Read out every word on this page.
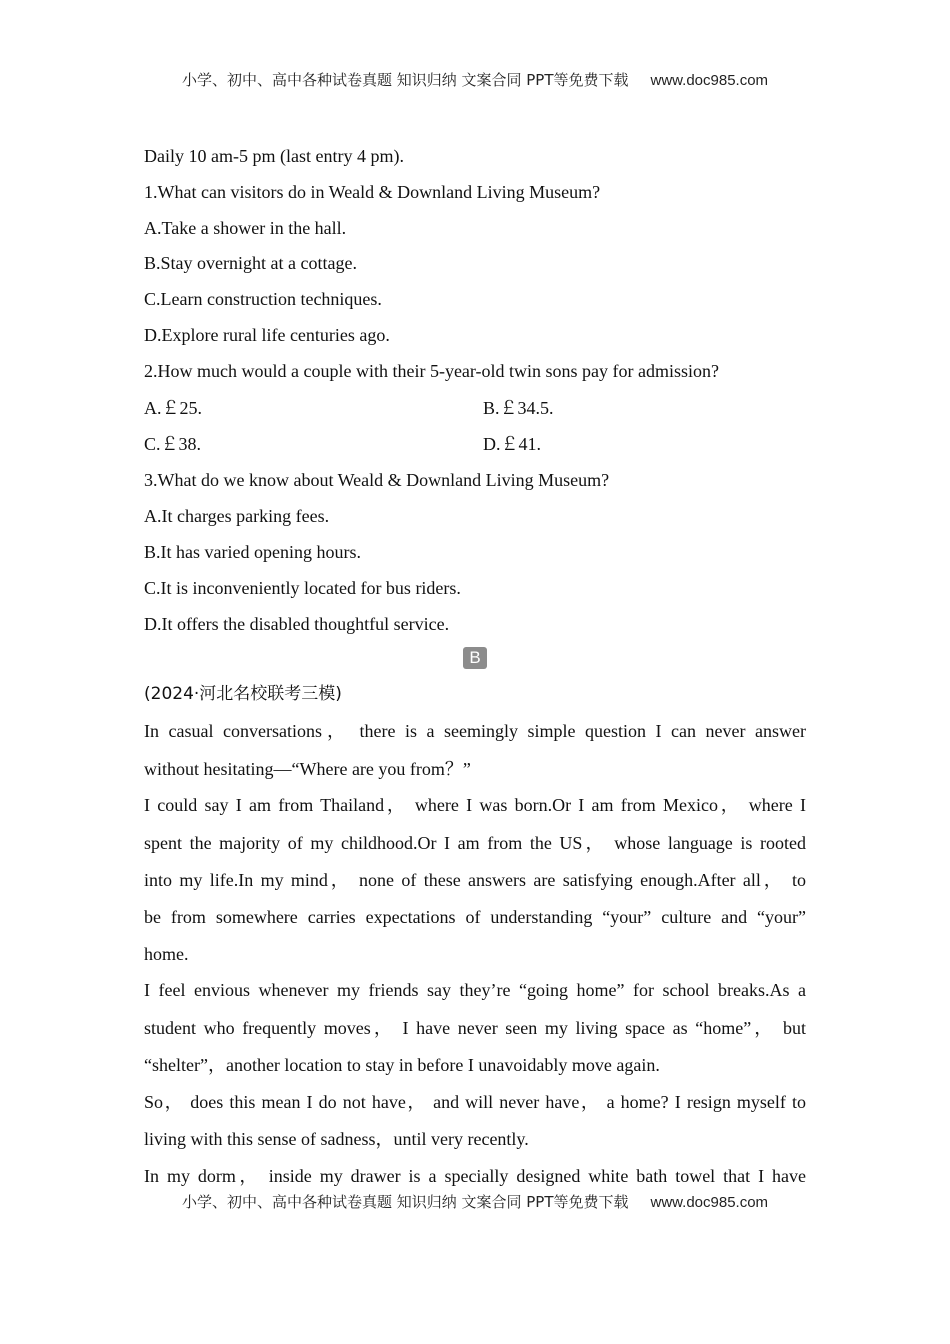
小学、初中、高中各种试卷真题 知识归纳 文案合同 PPT等免费下载 www.doc985.com
Daily 10 am-5 pm (last entry 4 pm).
1.What can visitors do in Weald & Downland Living Museum?
A.Take a shower in the hall.
B.Stay overnight at a cottage.
C.Learn construction techniques.
D.Explore rural life centuries ago.
2.How much would a couple with their 5-year-old twin sons pay for admission?
A.￡25.	B.￡34.5.
C.￡38.	D.￡41.
3.What do we know about Weald & Downland Living Museum?
A.It charges parking fees.
B.It has varied opening hours.
C.It is inconveniently located for bus riders.
D.It offers the disabled thoughtful service.
B
(2024·河北名校联考三模)
In casual conversations， there is a seemingly simple question I can never answer
without hesitating—“Where are you from？”
I could say I am from Thailand， where I was born.Or I am from Mexico， where I
spent the majority of my childhood.Or I am from the US， whose language is rooted
into my life.In my mind， none of these answers are satisfying enough.After all， to
be from somewhere carries expectations of understanding “your” culture and “your”
home.
I feel envious whenever my friends say they’re “going home” for school breaks.As a
student who frequently moves， I have never seen my living space as “home”， but
“shelter”，another location to stay in before I unavoidably move again.
So， does this mean I do not have， and will never have， a home? I resign myself to
living with this sense of sadness，until very recently.
In my dorm， inside my drawer is a specially designed white bath towel that I have
小学、初中、高中各种试卷真题 知识归纳 文案合同 PPT等免费下载 www.doc985.com
